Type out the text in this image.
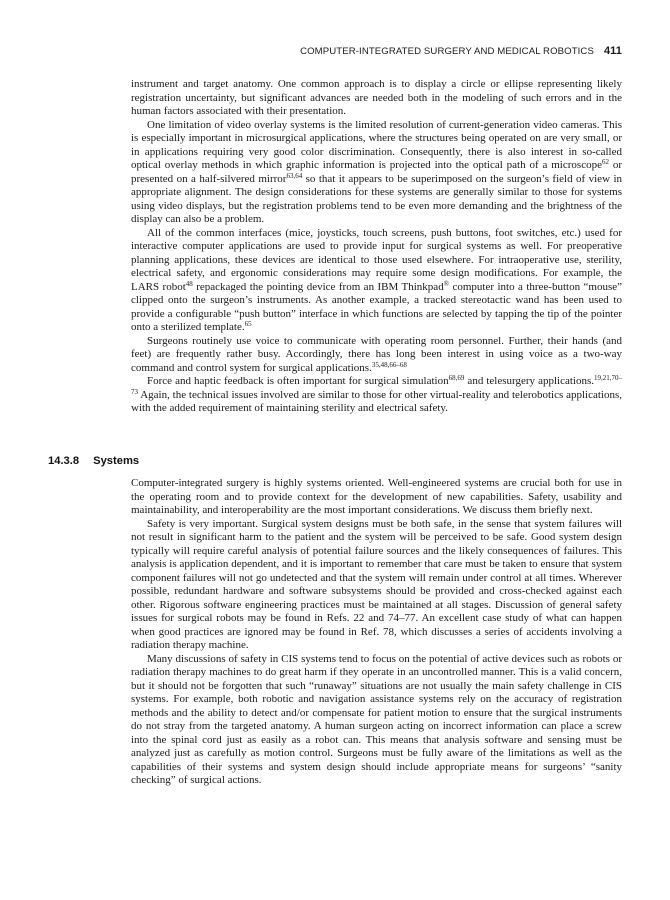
COMPUTER-INTEGRATED SURGERY AND MEDICAL ROBOTICS 411

instrument and target anatomy. One common approach is to display a circle or ellipse representing likely registration uncertainty, but significant advances are needed both in the modeling of such errors and in the human factors associated with their presentation.

One limitation of video overlay systems is the limited resolution of current-generation video cameras. This is especially important in microsurgical applications, where the structures being operated on are very small, or in applications requiring very good color discrimination. Consequently, there is also interest in so-called optical overlay methods in which graphic information is projected into the optical path of a microscope$^{62}$ or presented on a half-silvered mirror$^{63,64}$ so that it appears to be superimposed on the surgeon’s field of view in appropriate alignment. The design considerations for these systems are generally similar to those for systems using video displays, but the registration problems tend to be even more demanding and the brightness of the display can also be a problem.

All of the common interfaces (mice, joysticks, touch screens, push buttons, foot switches, etc.) used for interactive computer applications are used to provide input for surgical systems as well. For preoperative planning applications, these devices are identical to those used elsewhere. For intraoperative use, sterility, electrical safety, and ergonomic considerations may require some design modifications. For example, the LARS robot$^{48}$ repackaged the pointing device from an IBM Thinkpad® computer into a three-button “mouse” clipped onto the surgeon’s instruments. As another example, a tracked stereotactic wand has been used to provide a configurable “push button” interface in which functions are selected by tapping the tip of the pointer onto a sterilized template.$^{65}$

Surgeons routinely use voice to communicate with operating room personnel. Further, their hands (and feet) are frequently rather busy. Accordingly, there has long been interest in using voice as a two-way command and control system for surgical applications.$^{35,48,66-68}$

Force and haptic feedback is often important for surgical simulation$^{68,69}$ and telesurgery applications.$^{19,21,70-73}$ Again, the technical issues involved are similar to those for other virtual-reality and telerobotics applications, with the added requirement of maintaining sterility and electrical safety.

14.3.8 Systems

Computer-integrated surgery is highly systems oriented. Well-engineered systems are crucial both for use in the operating room and to provide context for the development of new capabilities. Safety, usability and maintainability, and interoperability are the most important considerations. We discuss them briefly next.

Safety is very important. Surgical system designs must be both safe, in the sense that system failures will not result in significant harm to the patient and the system will be perceived to be safe. Good system design typically will require careful analysis of potential failure sources and the likely consequences of failures. This analysis is application dependent, and it is important to remember that care must be taken to ensure that system component failures will not go undetected and that the system will remain under control at all times. Wherever possible, redundant hardware and software subsystems should be provided and cross-checked against each other. Rigorous software engineering practices must be maintained at all stages. Discussion of general safety issues for surgical robots may be found in Refs. 22 and 74–77. An excellent case study of what can happen when good practices are ignored may be found in Ref. 78, which discusses a series of accidents involving a radiation therapy machine.

Many discussions of safety in CIS systems tend to focus on the potential of active devices such as robots or radiation therapy machines to do great harm if they operate in an uncontrolled manner. This is a valid concern, but it should not be forgotten that such “runaway” situations are not usually the main safety challenge in CIS systems. For example, both robotic and navigation assistance systems rely on the accuracy of registration methods and the ability to detect and/or compensate for patient motion to ensure that the surgical instruments do not stray from the targeted anatomy. A human surgeon acting on incorrect information can place a screw into the spinal cord just as easily as a robot can. This means that analysis software and sensing must be analyzed just as carefully as motion control. Surgeons must be fully aware of the limitations as well as the capabilities of their systems and system design should include appropriate means for surgeons’ “sanity checking” of surgical actions.
